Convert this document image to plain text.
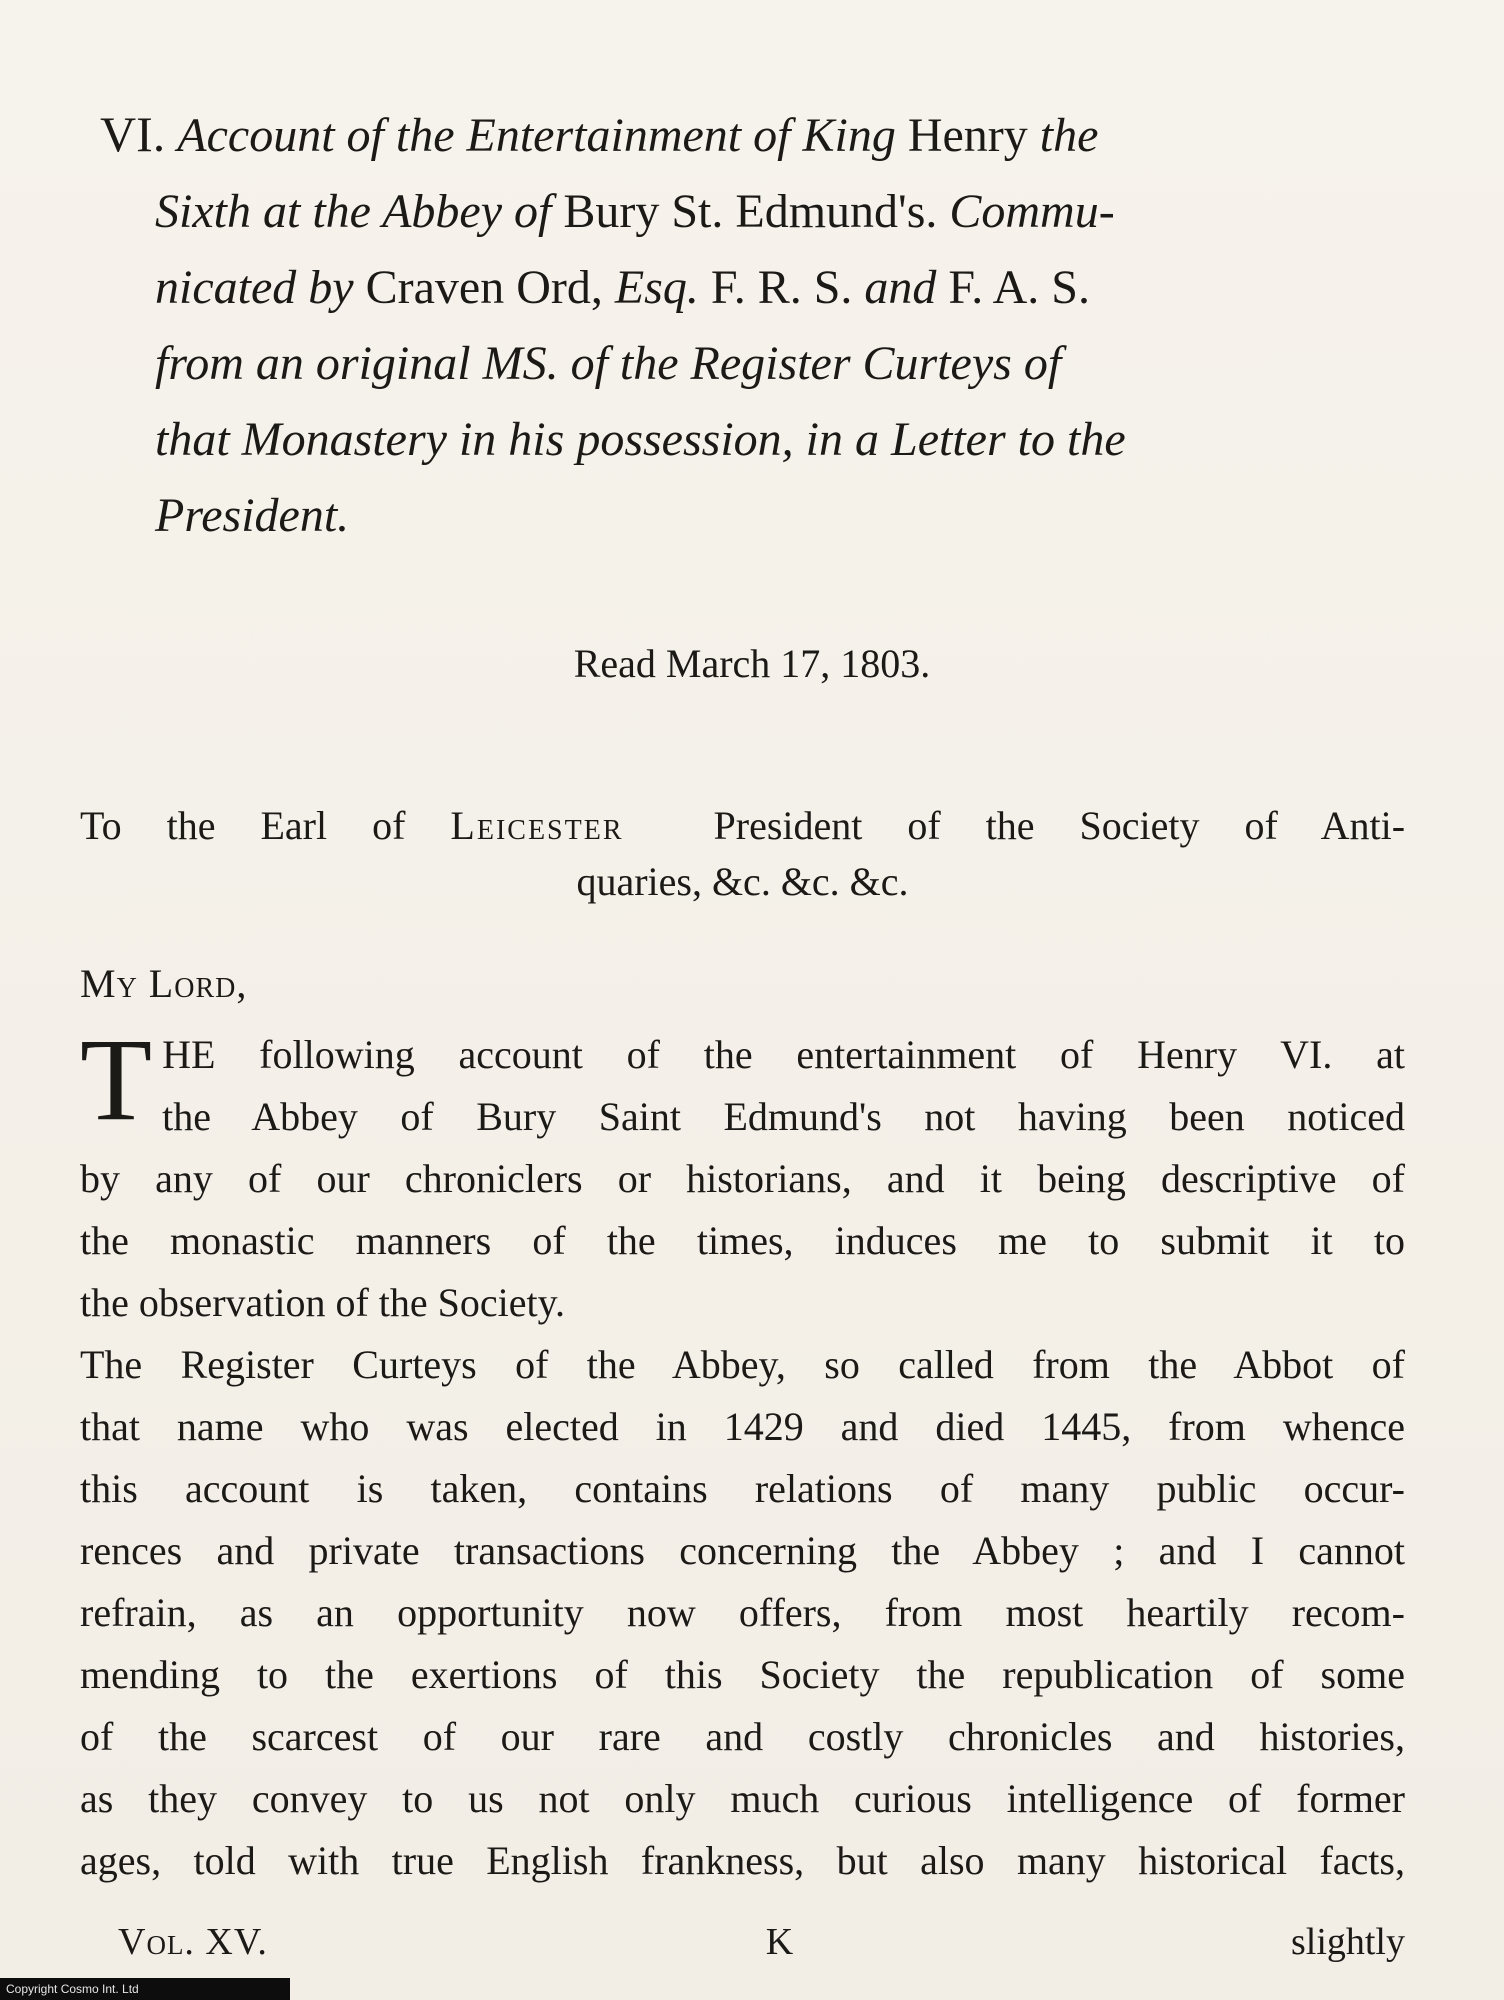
VI. Account of the Entertainment of King Henry the
Sixth at the Abbey of Bury St. Edmund's. Commu-
nicated by Craven Ord, Esq. F. R. S. and F. A. S.
from an original MS. of the Register Curteys of
that Monastery in his possession, in a Letter to the
President.
Read March 17, 1803.
To the Earl of Leicester President of the Society of Anti-
quaries, &c. &c. &c.
My Lord,
T HE following account of the entertainment of Henry VI. at
the Abbey of Bury Saint Edmund's not having been noticed
by any of our chroniclers or historians, and it being descriptive of
the monastic manners of the times, induces me to submit it to
the observation of the Society.
The Register Curteys of the Abbey, so called from the Abbot of
that name who was elected in 1429 and died 1445, from whence
this account is taken, contains relations of many public occur-
rences and private transactions concerning the Abbey ; and I cannot
refrain, as an opportunity now offers, from most heartily recom-
mending to the exertions of this Society the republication of some
of the scarcest of our rare and costly chronicles and histories,
as they convey to us not only much curious intelligence of former
ages, told with true English frankness, but also many historical facts,
Vol. XV.	K	slightly
Copyright Cosmo Int. Ltd
